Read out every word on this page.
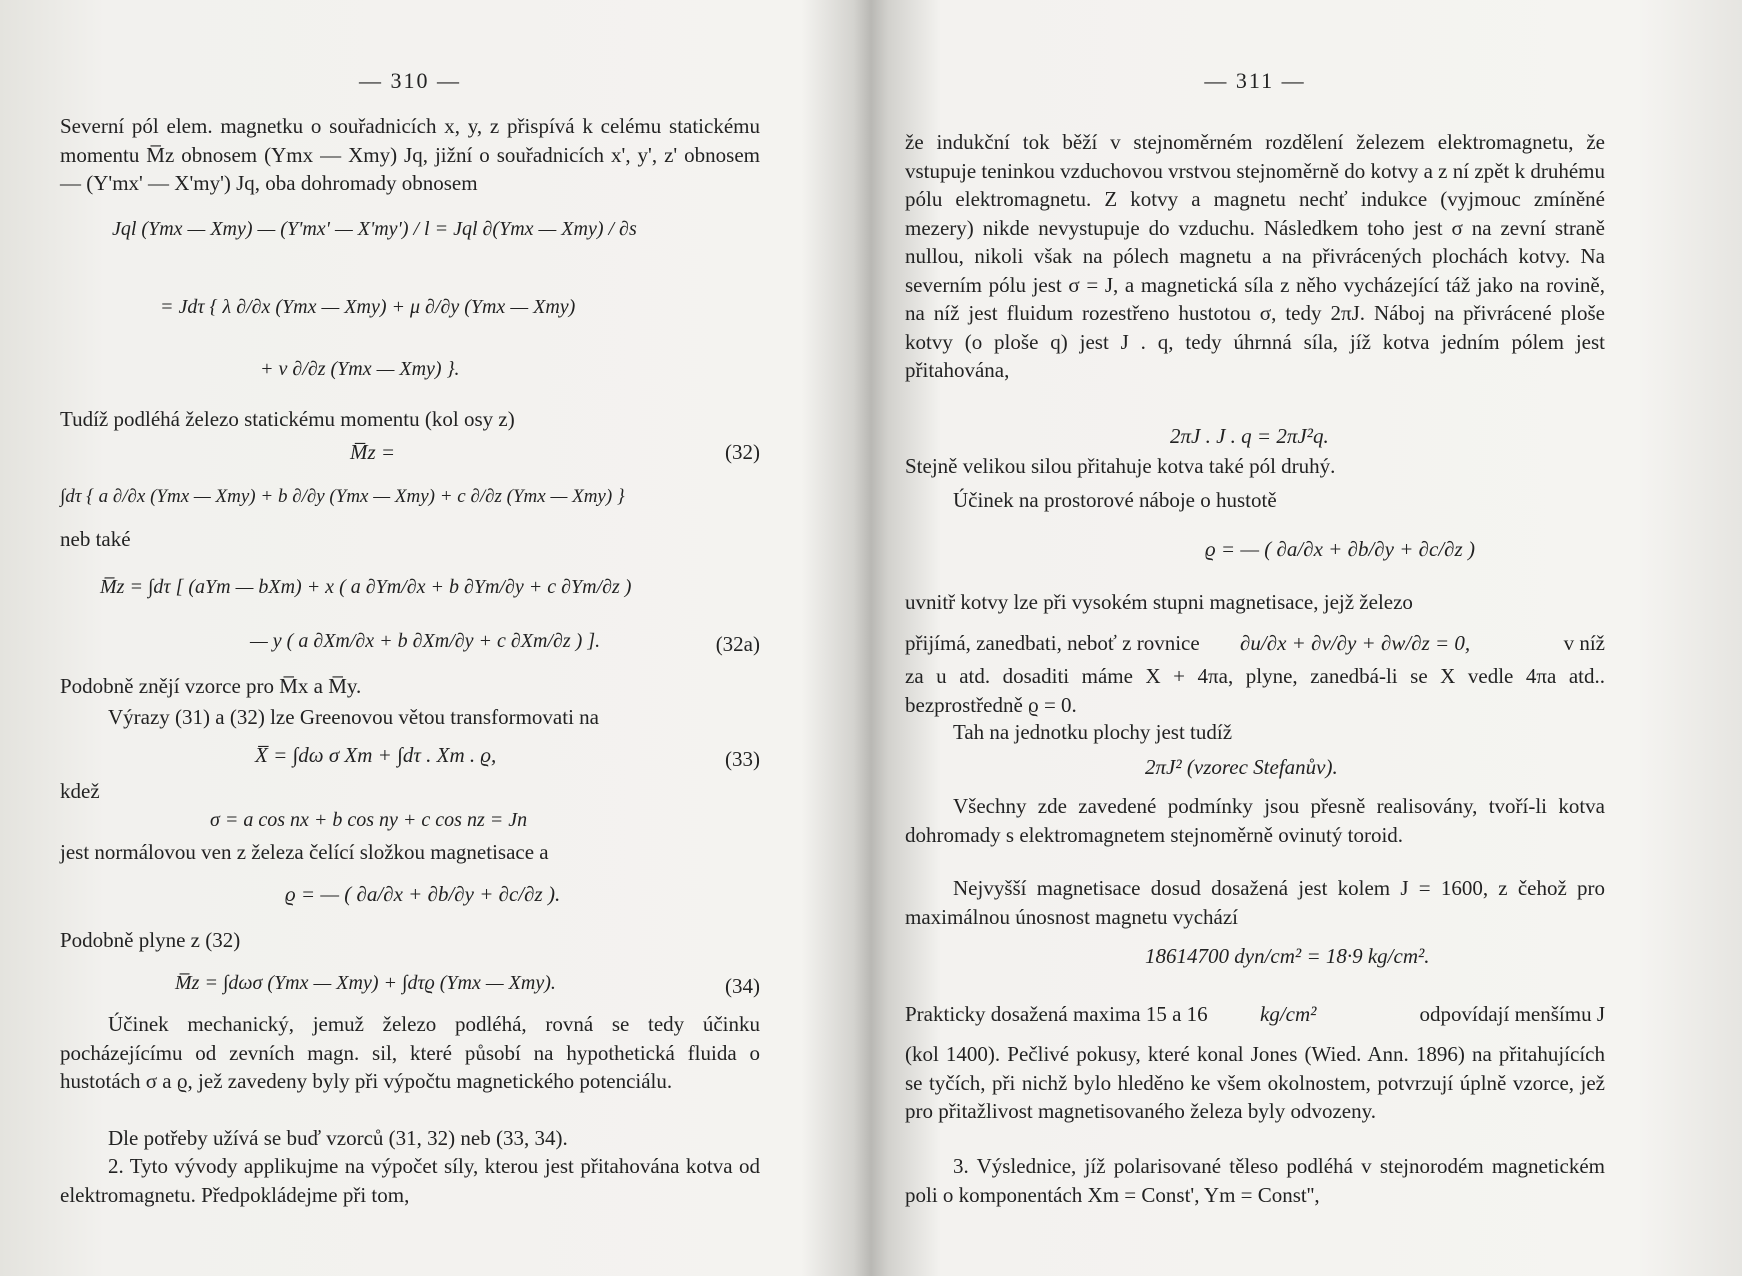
— 310 —

Severní pól elem. magnetku o souřadnicích x, y, z přispívá k celému statickému momentu M̅z obnosem (Ymx — Xmy) Jq, jižní o souřadnicích x', y', z' obnosem — (Y'mx' — X'my') Jq, oba dohromady obnosem

Jql (Ymx — Xmy) — (Y'mx' — X'my') / l = Jql ∂(Ymx — Xmy) / ∂s
= Jdτ { λ ∂/∂x (Ymx — Xmy) + μ ∂/∂y (Ymx — Xmy)
+ ν ∂/∂z (Ymx — Xmy) }.

Tudíž podléhá železo statickému momentu (kol osy z)

M̅z =	(32)
∫dτ { a ∂/∂x (Ymx — Xmy) + b ∂/∂y (Ymx — Xmy) + c ∂/∂z (Ymx — Xmy) }

neb také

M̅z = ∫dτ [ (aYm — bXm) + x ( a ∂Ym/∂x + b ∂Ym/∂y + c ∂Ym/∂z )
— y ( a ∂Xm/∂x + b ∂Xm/∂y + c ∂Xm/∂z ) ].	(32a)

Podobně znějí vzorce pro M̅x a M̅y.

Výrazy (31) a (32) lze Greenovou větou transformovati na

X̅ = ∫dω σ Xm + ∫dτ . Xm . ϱ,	(33)

kdež

σ = a cos nx + b cos ny + c cos nz = Jn

jest normálovou ven z železa čelící složkou magnetisace a

ϱ = — ( ∂a/∂x + ∂b/∂y + ∂c/∂z ).

Podobně plyne z (32)

M̅z = ∫dωσ (Ymx — Xmy) + ∫dτϱ (Ymx — Xmy).	(34)

Účinek mechanický, jemuž železo podléhá, rovná se tedy účinku pocházejícímu od zevních magn. sil, které působí na hypothetická fluida o hustotách σ a ϱ, jež zavedeny byly při výpočtu magnetického potenciálu.

Dle potřeby užívá se buď vzorců (31, 32) neb (33, 34).

2. Tyto vývody applikujme na výpočet síly, kterou jest přitahována kotva od elektromagnetu. Předpokládejme při tom,

— 311 —

že indukční tok běží v stejnoměrném rozdělení železem elektromagnetu, že vstupuje teninkou vzduchovou vrstvou stejnoměrně do kotvy a z ní zpět k druhému pólu elektromagnetu. Z kotvy a magnetu nechť indukce (vyjmouc zmíněné mezery) nikde nevystupuje do vzduchu. Následkem toho jest σ na zevní straně nullou, nikoli však na pólech magnetu a na přivrácených plochách kotvy. Na severním pólu jest σ = J, a magnetická síla z něho vycházející táž jako na rovině, na níž jest fluidum rozestřeno hustotou σ, tedy 2πJ. Náboj na přivrácené ploše kotvy (o ploše q) jest J . q, tedy úhrnná síla, jíž kotva jedním pólem jest přitahována,

2πJ . J . q = 2πJ²q.

Stejně velikou silou přitahuje kotva také pól druhý.

Účinek na prostorové náboje o hustotě

ϱ = — ( ∂a/∂x + ∂b/∂y + ∂c/∂z )

uvnitř kotvy lze při vysokém stupni magnetisace, jejž železo

přijímá, zanedbati, neboť z rovnice ∂u/∂x + ∂v/∂y + ∂w/∂z = 0,	v níž

za u atd. dosaditi máme X + 4πa, plyne, zanedbá-li se X vedle 4πa atd.. bezprostředně ϱ = 0.

Tah na jednotku plochy jest tudíž

2πJ² (vzorec Stefanův).

Všechny zde zavedené podmínky jsou přesně realisovány, tvoří-li kotva dohromady s elektromagnetem stejnoměrně ovinutý toroid.

Nejvyšší magnetisace dosud dosažená jest kolem J = 1600, z čehož pro maximálnou únosnost magnetu vychází

18614700 dyn/cm² = 18·9 kg/cm².
Prakticky dosažená maxima 15 a 16 kg/cm²	odpovídají menšímu J

(kol 1400). Pečlivé pokusy, které konal Jones (Wied. Ann. 1896) na přitahujících se tyčích, při nichž bylo hleděno ke všem okolnostem, potvrzují úplně vzorce, jež pro přitažlivost magnetisovaného železa byly odvozeny.

3. Výslednice, jíž polarisované těleso podléhá v stejnorodém magnetickém poli o komponentách Xm = Const', Ym = Const'',
